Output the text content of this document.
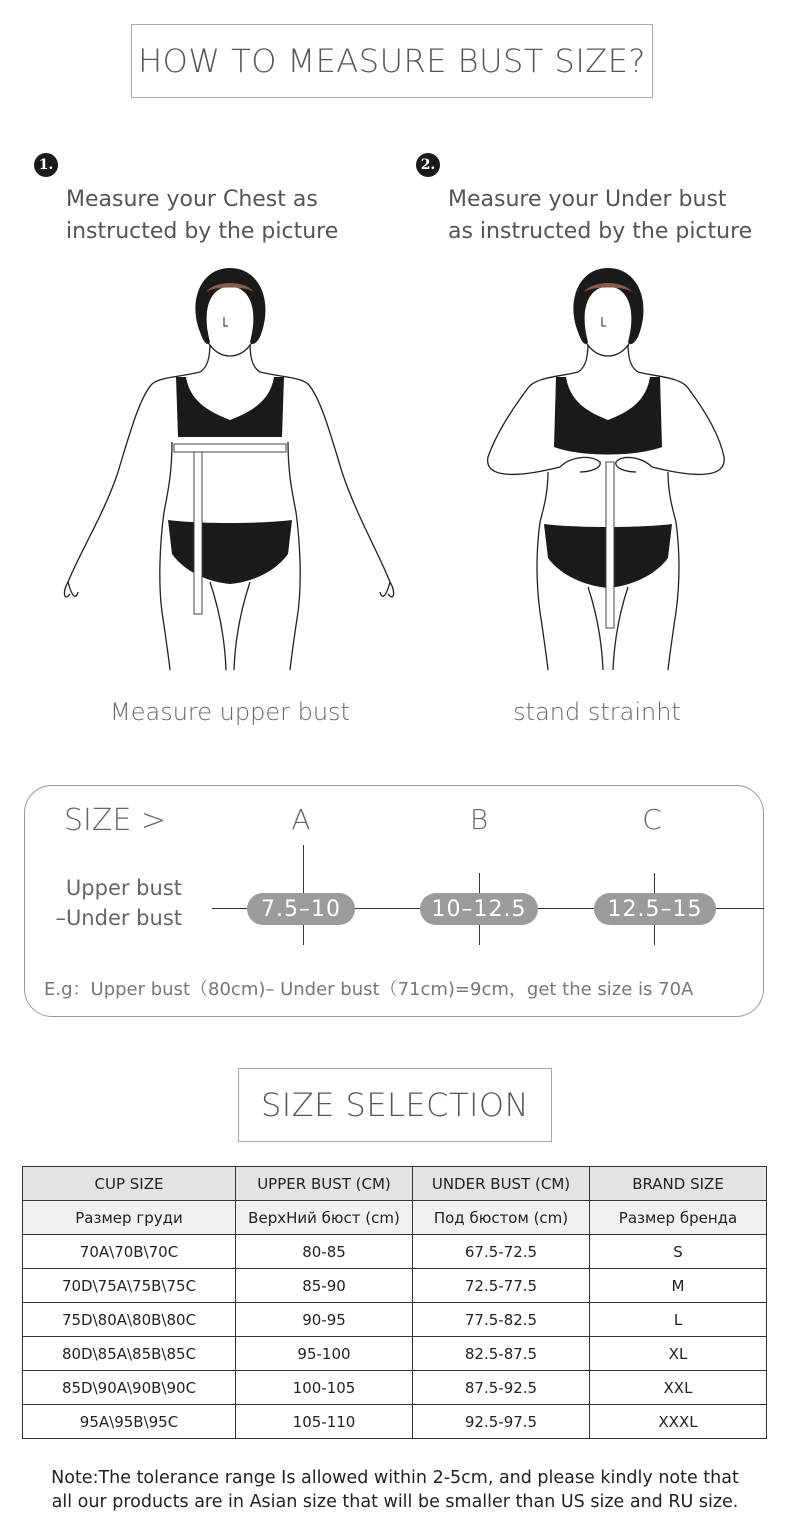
HOW TO MEASURE BUST SIZE?
1.
Measure your Chest as
instructed by the picture
2.
Measure your Under bust
as instructed by the picture
Measure upper bust	stand strainht
SIZE >	A	B	C
Upper bust
–Under bust	7.5–10	10–12.5	12.5–15
E.g：Upper bust（80cm)– Under bust（71cm)=9cm，get the size is 70A
SIZE SELECTION
CUP SIZE	UPPER BUST (CM)	UNDER BUST (CM)	BRAND SIZE
Размер груди	ВерхНий бюст (cm)	Под бюстом (cm)	Размер бренда
70A\70B\70C	80-85	67.5-72.5	S
70D\75A\75B\75C	85-90	72.5-77.5	M
75D\80A\80B\80C	90-95	77.5-82.5	L
80D\85A\85B\85C	95-100	82.5-87.5	XL
85D\90A\90B\90C	100-105	87.5-92.5	XXL
95A\95B\95C	105-110	92.5-97.5	XXXL
Note:The tolerance range Is allowed within 2-5cm, and please kindly note that
all our products are in Asian size that will be smaller than US size and RU size.
